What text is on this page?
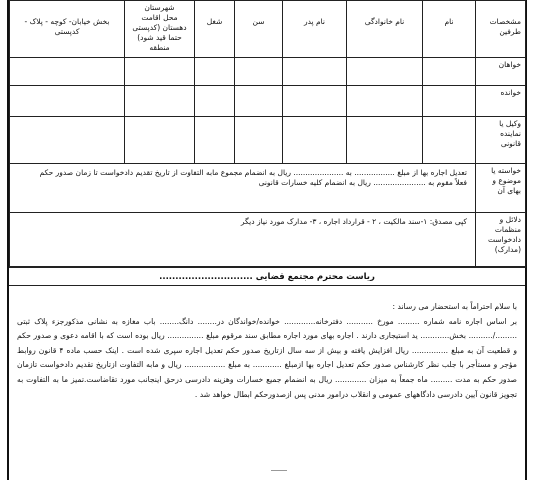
بخش خیابان- کوچه - پلاک - کدپستی	شهرستان
محل اقامت
دهستان (کدپستی حتما قید شود)
منطقه	شغل	سن	نام پدر	نام خانوادگی	نام	مشخصات طرفین

							خواهان
							خوانده
							وکیل یا نماینده قانونی

تعدیل اجاره بها از مبلغ ................. به ..................... ریال به انضمام مجموع مابه التفاوت از تاریخ تقدیم دادخواست تا زمان صدور حکم
فعلاً مقوم به ...................... ریال به انضمام کلیه خسارات قانونی							خواسته یا موضوع و بهای آن

کپی مصدق: ۱-سند مالکیت ، ۲ - قرارداد اجاره ، ۳- مدارک مورد نیاز دیگر							دلائل و منظمات دادخواست (مدارک)
ریاست محترم مجتمع قضایی .............................

با سلام احتراماً به استحضار می رساند :

بر اساس اجاره نامه شماره ......... مورخ ........... دفترخانه............. خوانده/خواندگان در........ دانگ........ باب مغازه به نشانی مذکورجزء پلاک ثبتی ........./.......... بخش............ ید استیجاری دارند . اجاره بهای مورد اجاره مطابق سند مرقوم مبلغ ............... ریال بوده است که با اقامه دعوی و صدور حکم و قطعیت آن به مبلغ ............... ریال افزایش یافته و بیش از سه سال ازتاریخ صدور حکم تعدیل اجاره سپری شده است . اینک حسب ماده ۴ قانون روابط مؤجر و مستأجر با جلب نظر کارشناس صدور حکم تعدیل اجاره بها ازمبلغ ............ به مبلغ ................. ریال و مابه التفاوت ازتاریخ تقدیم دادخواست تازمان صدور حکم به مدت ......... ماه جمعاً به میزان ............. ریال به انضمام جمیع خسارات وهزینه دادرسی درحق اینجانب مورد تقاضاست.تمیز ما به التفاوت به تجویز قانون آیین دادرسی دادگاههای عمومی و انقلاب درامور مدنی پس ازصدورحکم ابطال خواهد شد .
